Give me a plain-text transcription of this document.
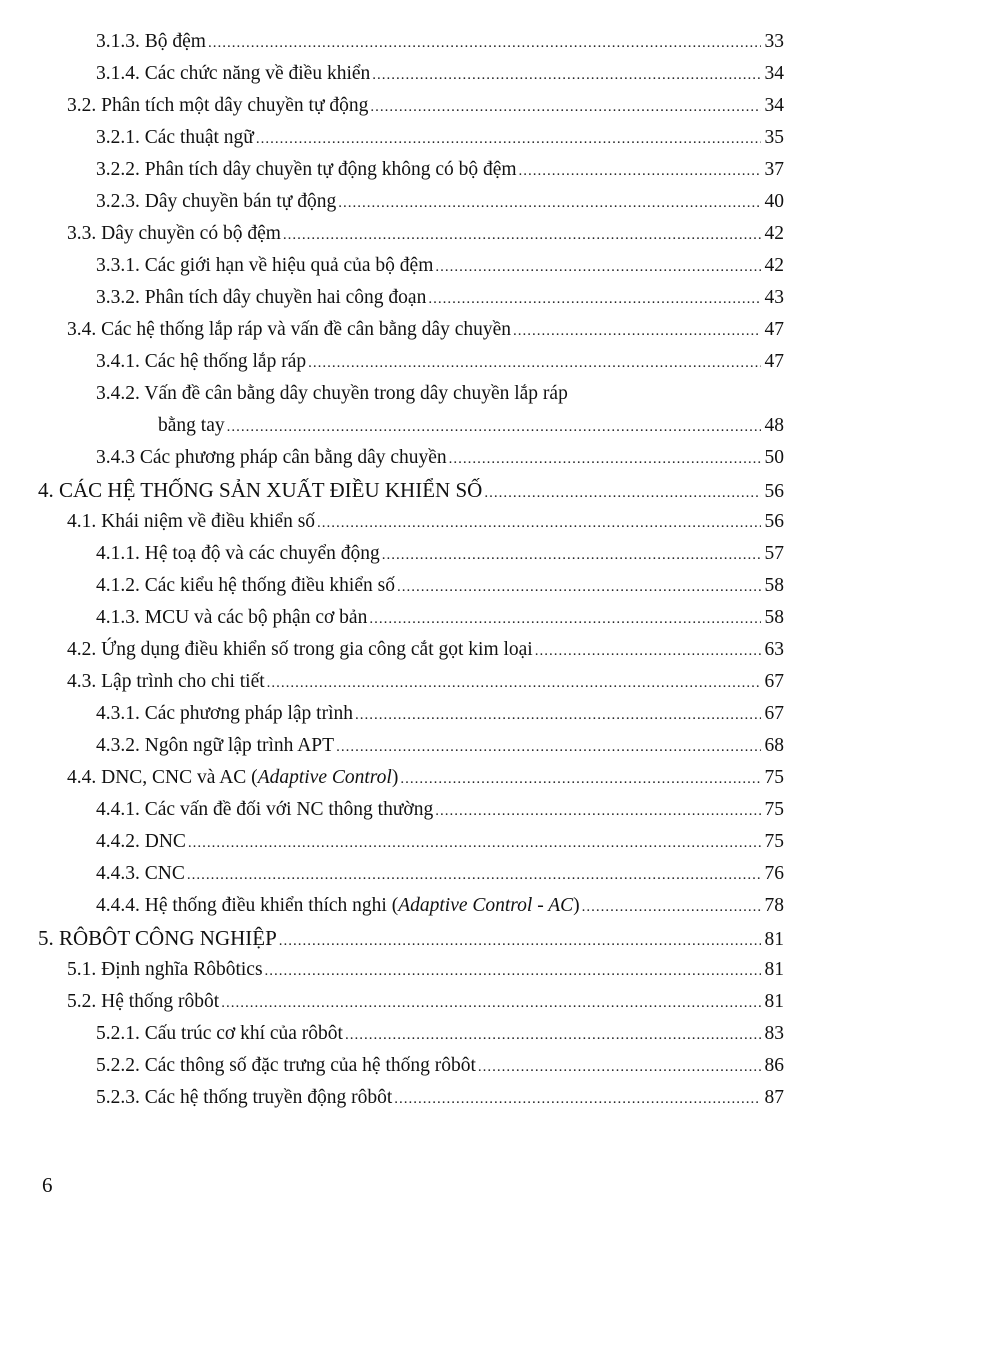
3.1.3. Bộ đệm .....	33
3.1.4. Các chức năng về điều khiển .....	34
3.2. Phân tích một dây chuyền tự động .....	34
3.2.1. Các thuật ngữ .....	35
3.2.2. Phân tích dây chuyền tự động không có bộ đệm .....	37
3.2.3. Dây chuyền bán tự động .....	40
3.3. Dây chuyền có bộ đệm .....	42
3.3.1. Các giới hạn về hiệu quả của bộ đệm .....	42
3.3.2. Phân tích dây chuyền hai công đoạn .....	43
3.4. Các hệ thống lắp ráp và vấn đề cân bằng dây chuyền .....	47
3.4.1. Các hệ thống lắp ráp .....	47
3.4.2. Vấn đề cân bằng dây chuyền trong dây chuyền lắp ráp
bằng tay .....	48
3.4.3 Các phương pháp cân bằng dây chuyền .....	50
4. CÁC HỆ THỐNG SẢN XUẤT ĐIỀU KHIỂN SỐ .....	56
4.1. Khái niệm về điều khiển số .....	56
4.1.1. Hệ toạ độ và các chuyển động .....	57
4.1.2. Các kiểu hệ thống điều khiển số .....	58
4.1.3. MCU và các bộ phận cơ bản .....	58
4.2. Ứng dụng điều khiển số trong gia công cắt gọt kim loại .....	63
4.3. Lập trình cho chi tiết .....	67
4.3.1. Các phương pháp lập trình .....	67
4.3.2. Ngôn ngữ lập trình APT .....	68
4.4. DNC, CNC và AC (Adaptive Control) .....	75
4.4.1. Các vấn đề đối với NC thông thường .....	75
4.4.2. DNC .....	75
4.4.3. CNC .....	76
4.4.4. Hệ thống điều khiển thích nghi (Adaptive Control - AC) .....	78
5. RÔBÔT CÔNG NGHIỆP .....	81
5.1. Định nghĩa Rôbôtics .....	81
5.2. Hệ thống rôbôt .....	81
5.2.1. Cấu trúc cơ khí của rôbôt .....	83
5.2.2. Các thông số đặc trưng của hệ thống rôbôt .....	86
5.2.3. Các hệ thống truyền động rôbôt .....	87
6
